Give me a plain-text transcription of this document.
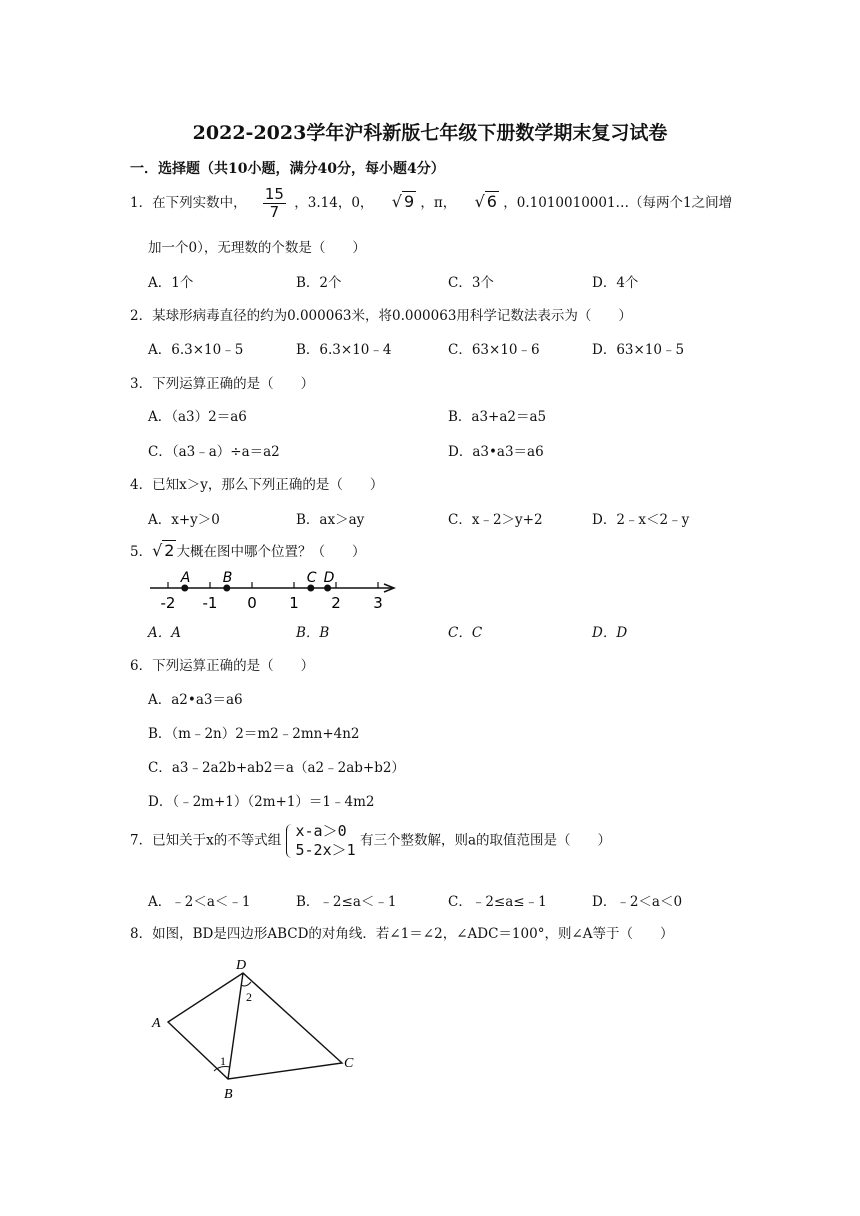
2022-2023学年沪科新版七年级下册数学期末复习试卷
一．选择题（共10小题，满分40分，每小题4分）
1．在下列实数中， $\frac{15}{7}$ ，3.14，0， √ 9 ，π， √ 6 ，0.1010010001…（每两个1之间增
加一个0），无理数的个数是（　　）
A．1个	B．2个	C．3个	D．4个
2．某球形病毒直径的约为0.000063米，将0.000063用科学记数法表示为（　　）
A．6.3×10﹣5	B．6.3×10﹣4	C．63×10﹣6	D．63×10﹣5
3．下列运算正确的是（　　）
A．（a3）2＝a6	B．a3+a2＝a5
C．（a3﹣a）÷a＝a2	D．a3•a3＝a6
4．已知x＞y，那么下列正确的是（　　）
A．x+y＞0	B．ax＞ay	C．x﹣2＞y+2	D．2﹣x＜2﹣y
5．√ 2 大概在图中哪个位置？（　　）
-2 -1 0 1 2 3
A B	C D
A．A	B．B	C．C	D．D
6．下列运算正确的是（　　）
A．a2•a3＝a6
B．（m﹣2n）2＝m2﹣2mn+4n2
C．a3﹣2a2b+ab2＝a（a2﹣2ab+b2）
D．（﹣2m+1）（2m+1）＝1﹣4m2
7．已知关于x的不等式组
x-a＞0
5-2x＞1
有三个整数解，则a的取值范围是（　　）
A．﹣2＜a＜﹣1	B．﹣2≤a＜﹣1	C．﹣2≤a≤﹣1	D．﹣2＜a＜0
8．如图，BD是四边形ABCD的对角线．若∠1＝∠2，∠ADC＝100°，则∠A等于（　　）
A
B
C
D
1
2
